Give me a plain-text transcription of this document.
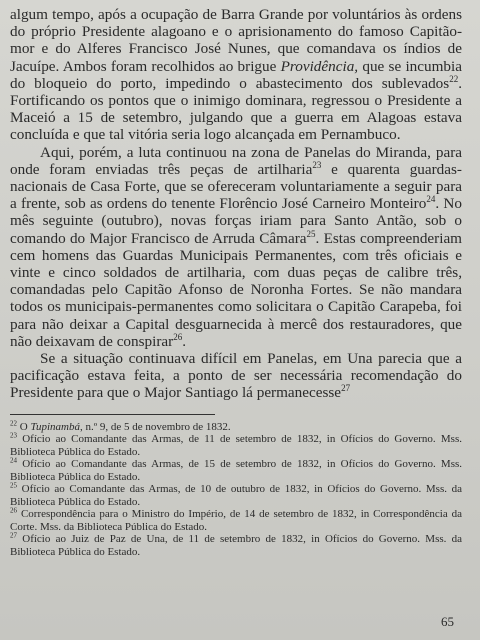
algum tempo, após a ocupação de Barra Grande por voluntários às ordens do próprio Presidente alagoano e o aprisionamento do famoso Capitão-mor e do Alferes Francisco José Nunes, que comandava os índios de Jacuípe. Ambos foram recolhidos ao brigue Providência, que se incumbia do bloqueio do porto, impedindo o abastecimento dos sublevados$^{22}$. Fortificando os pontos que o inimigo dominara, regressou o Presidente a Maceió a 15 de setembro, julgando que a guerra em Alagoas estava concluída e que tal vitória seria logo alcançada em Pernambuco.

Aqui, porém, a luta continuou na zona de Panelas do Miranda, para onde foram enviadas três peças de artilharia$^{23}$ e quarenta guardas-nacionais de Casa Forte, que se ofereceram voluntariamente a seguir para a frente, sob as ordens do tenente Florêncio José Carneiro Monteiro$^{24}$. No mês seguinte (outubro), novas forças iriam para Santo Antão, sob o comando do Major Francisco de Arruda Câmara$^{25}$. Estas compreenderiam cem homens das Guardas Municipais Permanentes, com três oficiais e vinte e cinco soldados de artilharia, com duas peças de calibre três, comandadas pelo Capitão Afonso de Noronha Fortes. Se não mandara todos os municipais-permanentes como solicitara o Capitão Carapeba, foi para não deixar a Capital desguarnecida à mercê dos restauradores, que não deixavam de conspirar$^{26}$.

Se a situação continuava difícil em Panelas, em Una parecia que a pacificação estava feita, a ponto de ser necessária recomendação do Presidente para que o Major Santiago lá permanecesse$^{27}$

$^{22}$ O Tupinambá, n.º 9, de 5 de novembro de 1832.

$^{23}$ Ofício ao Comandante das Armas, de 11 de setembro de 1832, in Ofícios do Governo. Mss. Biblioteca Pública do Estado.

$^{24}$ Ofício ao Comandante das Armas, de 15 de setembro de 1832, in Ofícios do Governo. Mss. Biblioteca Pública do Estado.

$^{25}$ Ofício ao Comandante das Armas, de 10 de outubro de 1832, in Ofícios do Governo. Mss. da Biblioteca Pública do Estado.

$^{26}$ Correspondência para o Ministro do Império, de 14 de setembro de 1832, in Correspondência da Corte. Mss. da Biblioteca Pública do Estado.

$^{27}$ Ofício ao Juiz de Paz de Una, de 11 de setembro de 1832, in Ofícios do Governo. Mss. da Biblioteca Pública do Estado.

65
